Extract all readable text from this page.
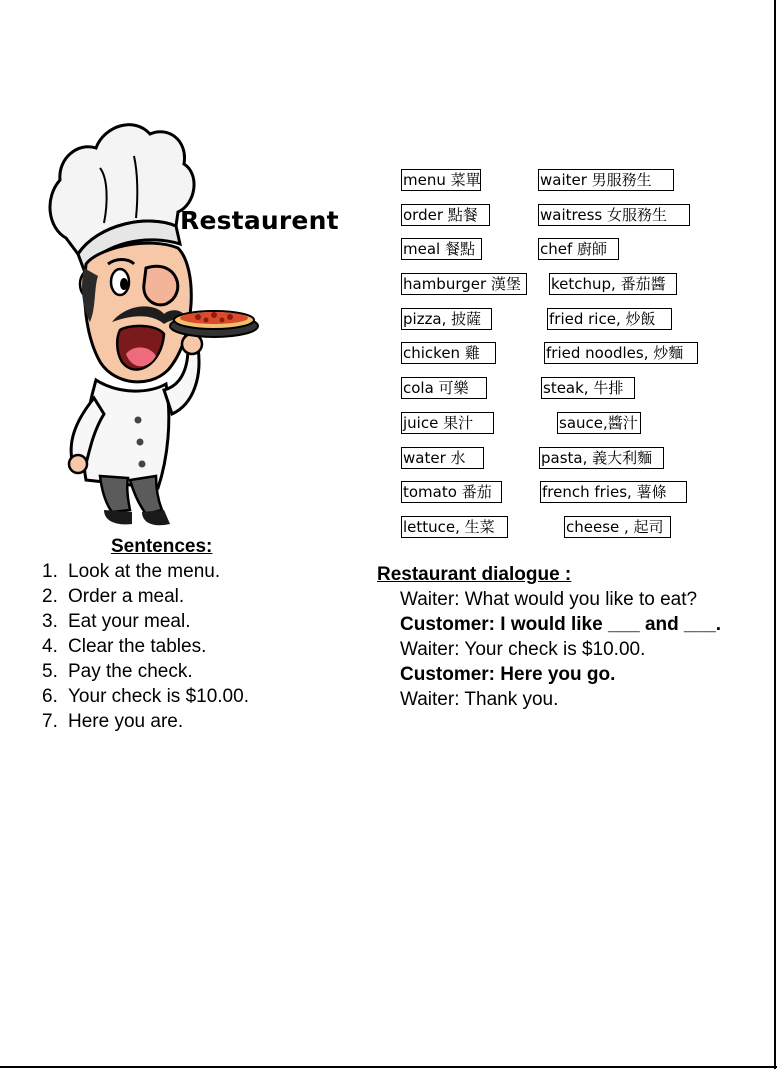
Restaurent
menu 菜單	waiter 男服務生
order 點餐	waitress 女服務生
meal 餐點	chef 廚師
hamburger 漢堡	ketchup, 番茄醬
pizza, 披薩	fried rice, 炒飯
chicken 雞	fried noodles, 炒麵
cola 可樂	steak, 牛排
juice 果汁	sauce,醬汁
water 水	pasta, 義大利麵
tomato 番茄	french fries, 薯條
lettuce, 生菜	cheese , 起司
Sentences:
1. Look at the menu.
2. Order a meal.
3. Eat your meal.
4. Clear the tables.
5. Pay the check.
6. Your check is $10.00.
7. Here you are.
Restaurant dialogue :
Waiter: What would you like to eat?
Customer: I would like ___ and ___.
Waiter: Your check is $10.00.
Customer: Here you go.
Waiter: Thank you.
